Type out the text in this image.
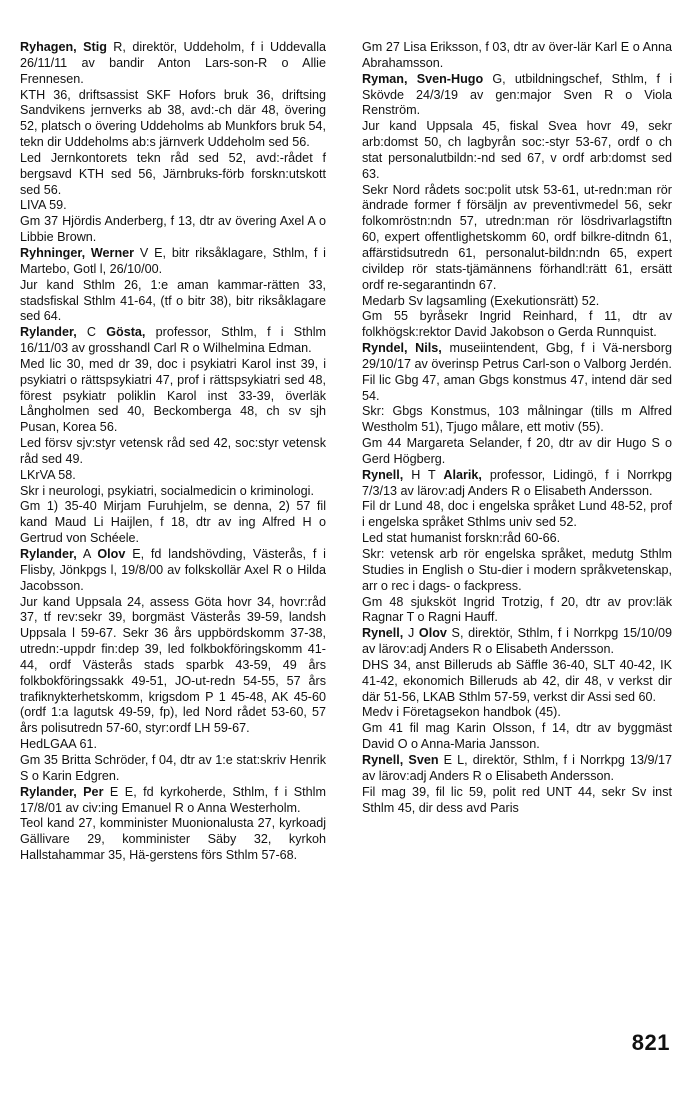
Ryhagen, Stig R, direktör, Uddeholm, f i Uddevalla 26/11/11 av bandir Anton Lars-son-R o Allie Frennesen.

KTH 36, driftsassist SKF Hofors bruk 36, driftsing Sandvikens jernverks ab 38, avd:-ch där 48, övering 52, platsch o övering Uddeholms ab Munkfors bruk 54, tekn dir Uddeholms ab:s järnverk Uddeholm sed 56.

Led Jernkontorets tekn råd sed 52, avd:-rådet f bergsavd KTH sed 56, Järnbruks-förb forskn:utskott sed 56.

LIVA 59.

Gm 37 Hjördis Anderberg, f 13, dtr av övering Axel A o Libbie Brown.

Ryhninger, Werner V E, bitr riksåklagare, Sthlm, f i Martebo, Gotl l, 26/10/00.

Jur kand Sthlm 26, 1:e aman kammar-rätten 33, stadsfiskal Sthlm 41-64, (tf o bitr 38), bitr riksåklagare sed 64.

Rylander, C Gösta, professor, Sthlm, f i Sthlm 16/11/03 av grosshandl Carl R o Wilhelmina Edman.

Med lic 30, med dr 39, doc i psykiatri Karol inst 39, i psykiatri o rättspsykiatri 47, prof i rättspsykiatri sed 48, förest psykiatr poliklin Karol inst 33-39, överläk Långholmen sed 40, Beckomberga 48, ch sv sjh Pusan, Korea 56.

Led försv sjv:styr vetensk råd sed 42, soc:styr vetensk råd sed 49.

LKrVA 58.

Skr i neurologi, psykiatri, socialmedicin o kriminologi.

Gm 1) 35-40 Mirjam Furuhjelm, se denna, 2) 57 fil kand Maud Li Haijlen, f 18, dtr av ing Alfred H o Gertrud von Schéele.

Rylander, A Olov E, fd landshövding, Västerås, f i Flisby, Jönkpgs l, 19/8/00 av folkskollär Axel R o Hilda Jacobsson.

Jur kand Uppsala 24, assess Göta hovr 34, hovr:råd 37, tf rev:sekr 39, borgmäst Västerås 39-59, landsh Uppsala l 59-67. Sekr 36 års uppbördskomm 37-38, utredn:-uppdr fin:dep 39, led folkbokföringskomm 41-44, ordf Västerås stads sparbk 43-59, 49 års folkbokföringssakk 49-51, JO-ut-redn 54-55, 57 års trafiknykterhetskomm, krigsdom P 1 45-48, AK 45-60 (ordf 1:a lagutsk 49-59, fp), led Nord rådet 53-60, 57 års polisutredn 57-60, styr:ordf LH 59-67.

HedLGAA 61.

Gm 35 Britta Schröder, f 04, dtr av 1:e stat:skriv Henrik S o Karin Edgren.

Rylander, Per E E, fd kyrkoherde, Sthlm, f i Sthlm 17/8/01 av civ:ing Emanuel R o Anna Westerholm.

Teol kand 27, komminister Muonionalusta 27, kyrkoadj Gällivare 29, komminister Säby 32, kyrkoh Hallstahammar 35, Hä-gerstens förs Sthlm 57-68.

Gm 27 Lisa Eriksson, f 03, dtr av över-lär Karl E o Anna Abrahamsson.

Ryman, Sven-Hugo G, utbildningschef, Sthlm, f i Skövde 24/3/19 av gen:major Sven R o Viola Renström.

Jur kand Uppsala 45, fiskal Svea hovr 49, sekr arb:domst 50, ch lagbyrån soc:-styr 53-67, ordf o ch stat personalutbildn:-nd sed 67, v ordf arb:domst sed 63.

Sekr Nord rådets soc:polit utsk 53-61, ut-redn:man rör ändrade former f försäljn av preventivmedel 56, sekr folkomröstn:ndn 57, utredn:man rör lösdrivarlagstiftn 60, expert offentlighetskomm 60, ordf bilkre-ditndn 61, affärstidsutredn 61, personalut-bildn:ndn 65, expert civildep rör stats-tjämännens förhandl:rätt 61, ersätt ordf re-segarantindn 67.

Medarb Sv lagsamling (Exekutionsrätt) 52.

Gm 55 byråsekr Ingrid Reinhard, f 11, dtr av folkhögsk:rektor David Jakobson o Gerda Runnquist.

Ryndel, Nils, museiintendent, Gbg, f i Vä-nersborg 29/10/17 av överinsp Petrus Carl-son o Valborg Jerdén.

Fil lic Gbg 47, aman Gbgs konstmus 47, intend där sed 54.

Skr: Gbgs Konstmus, 103 målningar (tills m Alfred Westholm 51), Tjugo målare, ett motiv (55).

Gm 44 Margareta Selander, f 20, dtr av dir Hugo S o Gerd Högberg.

Rynell, H T Alarik, professor, Lidingö, f i Norrkpg 7/3/13 av lärov:adj Anders R o Elisabeth Andersson.

Fil dr Lund 48, doc i engelska språket Lund 48-52, prof i engelska språket Sthlms univ sed 52.

Led stat humanist forskn:råd 60-66.

Skr: vetensk arb rör engelska språket, medutg Sthlm Studies in English o Stu-dier i modern språkvetenskap, arr o rec i dags- o fackpress.

Gm 48 sjuksköt Ingrid Trotzig, f 20, dtr av prov:läk Ragnar T o Ragni Hauff.

Rynell, J Olov S, direktör, Sthlm, f i Norrkpg 15/10/09 av lärov:adj Anders R o Elisabeth Andersson.

DHS 34, anst Billeruds ab Säffle 36-40, SLT 40-42, IK 41-42, ekonomich Billeruds ab 42, dir 48, v verkst dir där 51-56, LKAB Sthlm 57-59, verkst dir Assi sed 60.

Medv i Företagsekon handbok (45).

Gm 41 fil mag Karin Olsson, f 14, dtr av byggmäst David O o Anna-Maria Jansson.

Rynell, Sven E L, direktör, Sthlm, f i Norrkpg 13/9/17 av lärov:adj Anders R o Elisabeth Andersson.

Fil mag 39, fil lic 59, polit red UNT 44, sekr Sv inst Sthlm 45, dir dess avd Paris

821
